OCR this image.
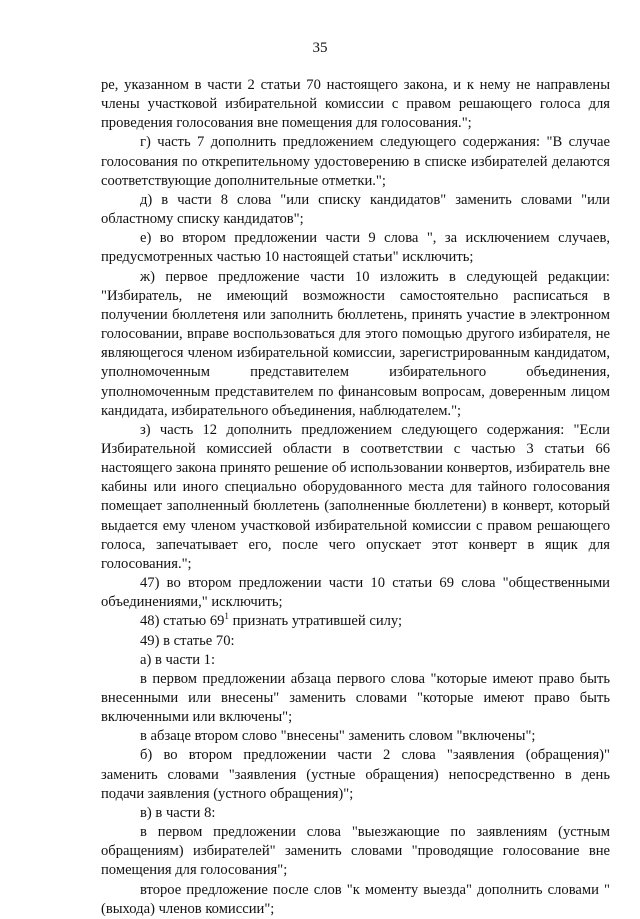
35

ре, указанном в части 2 статьи 70 настоящего закона, и к нему не направлены члены участковой избирательной комиссии с правом решающего голоса для проведения голосования вне помещения для голосования.";

г) часть 7 дополнить предложением следующего содержания: "В случае голосования по открепительному удостоверению в списке избирателей делаются соответствующие дополнительные отметки.";

д) в части 8 слова "или списку кандидатов" заменить словами "или областному списку кандидатов";

е) во втором предложении части 9 слова ", за исключением случаев, предусмотренных частью 10 настоящей статьи" исключить;

ж) первое предложение части 10 изложить в следующей редакции: "Избиратель, не имеющий возможности самостоятельно расписаться в получении бюллетеня или заполнить бюллетень, принять участие в электронном голосовании, вправе воспользоваться для этого помощью другого избирателя, не являющегося членом избирательной комиссии, зарегистрированным кандидатом, уполномоченным представителем избирательного объединения, уполномоченным представителем по финансовым вопросам, доверенным лицом кандидата, избирательного объединения, наблюдателем.";

з) часть 12 дополнить предложением следующего содержания: "Если Избирательной комиссией области в соответствии с частью 3 статьи 66 настоящего закона принято решение об использовании конвертов, избиратель вне кабины или иного специально оборудованного места для тайного голосования помещает заполненный бюллетень (заполненные бюллетени) в конверт, который выдается ему членом участковой избирательной комиссии с правом решающего голоса, запечатывает его, после чего опускает этот конверт в ящик для голосования.";

47) во втором предложении части 10 статьи 69 слова "общественными объединениями," исключить;

48) статью $69^1$ признать утратившей силу;

49) в статье 70:

а) в части 1:

в первом предложении абзаца первого слова "которые имеют право быть внесенными или внесены" заменить словами "которые имеют право быть включенными или включены";

в абзаце втором слово "внесены" заменить словом "включены";

б) во втором предложении части 2 слова "заявления (обращения)" заменить словами "заявления (устные обращения) непосредственно в день подачи заявления (устного обращения)";

в) в части 8:

в первом предложении слова "выезжающие по заявлениям (устным обращениям) избирателей" заменить словами "проводящие голосование вне помещения для голосования";

второе предложение после слов "к моменту выезда" дополнить словами "(выхода) членов комиссии";
